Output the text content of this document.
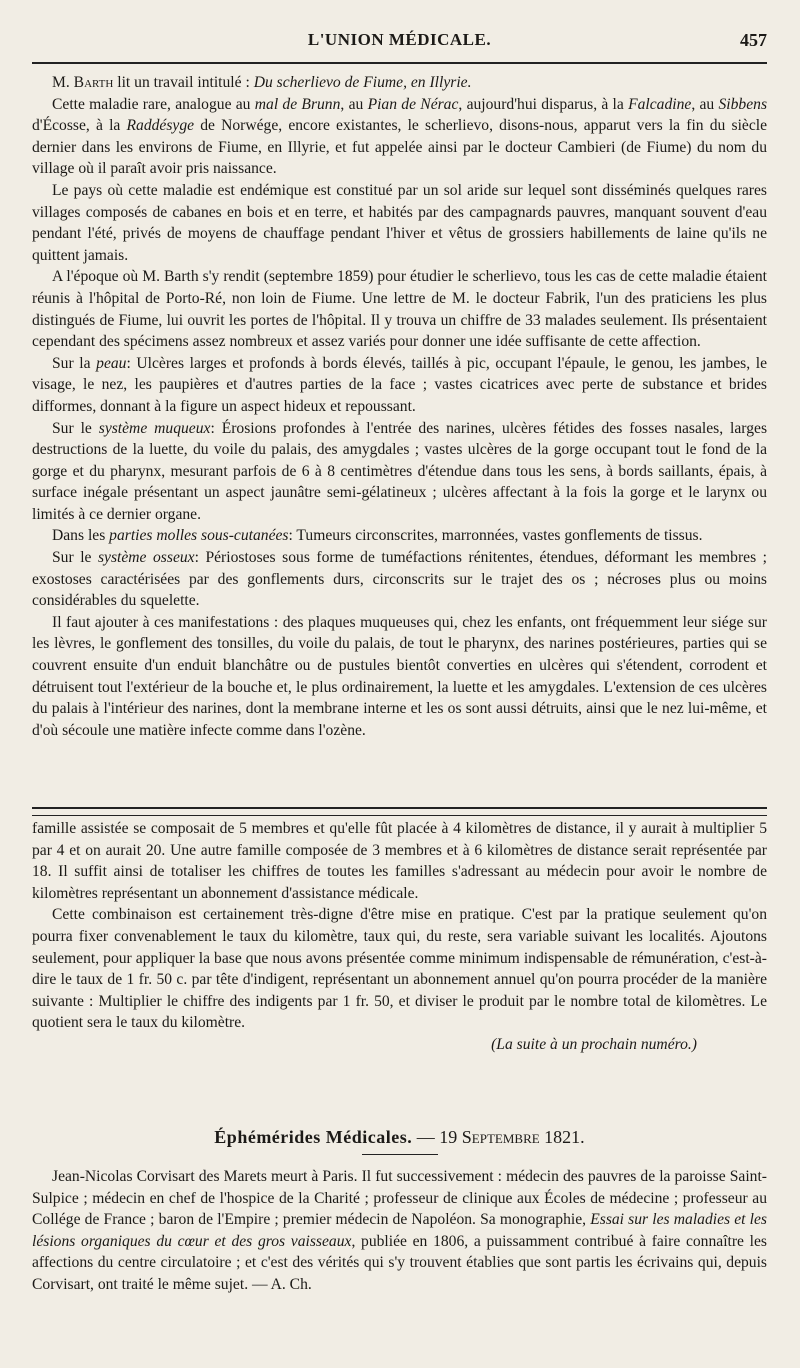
L'UNION MÉDICALE.	457

M. Barth lit un travail intitulé : Du scherlievo de Fiume, en Illyrie.

Cette maladie rare, analogue au mal de Brunn, au Pian de Nérac, aujourd'hui disparus, à la Falcadine, au Sibbens d'Écosse, à la Raddésyge de Norwége, encore existantes, le scherlievo, disons-nous, apparut vers la fin du siècle dernier dans les environs de Fiume, en Illyrie, et fut appelée ainsi par le docteur Cambieri (de Fiume) du nom du village où il paraît avoir pris naissance.

Le pays où cette maladie est endémique est constitué par un sol aride sur lequel sont disséminés quelques rares villages composés de cabanes en bois et en terre, et habités par des campagnards pauvres, manquant souvent d'eau pendant l'été, privés de moyens de chauffage pendant l'hiver et vêtus de grossiers habillements de laine qu'ils ne quittent jamais.

A l'époque où M. Barth s'y rendit (septembre 1859) pour étudier le scherlievo, tous les cas de cette maladie étaient réunis à l'hôpital de Porto-Ré, non loin de Fiume. Une lettre de M. le docteur Fabrik, l'un des praticiens les plus distingués de Fiume, lui ouvrit les portes de l'hôpital. Il y trouva un chiffre de 33 malades seulement. Ils présentaient cependant des spécimens assez nombreux et assez variés pour donner une idée suffisante de cette affection.

Sur la peau: Ulcères larges et profonds à bords élevés, taillés à pic, occupant l'épaule, le genou, les jambes, le visage, le nez, les paupières et d'autres parties de la face ; vastes cicatrices avec perte de substance et brides difformes, donnant à la figure un aspect hideux et repoussant.

Sur le système muqueux: Érosions profondes à l'entrée des narines, ulcères fétides des fosses nasales, larges destructions de la luette, du voile du palais, des amygdales ; vastes ulcères de la gorge occupant tout le fond de la gorge et du pharynx, mesurant parfois de 6 à 8 centimètres d'étendue dans tous les sens, à bords saillants, épais, à surface inégale présentant un aspect jaunâtre semi-gélatineux ; ulcères affectant à la fois la gorge et le larynx ou limités à ce dernier organe.

Dans les parties molles sous-cutanées: Tumeurs circonscrites, marronnées, vastes gonflements de tissus.

Sur le système osseux: Périostoses sous forme de tuméfactions rénitentes, étendues, déformant les membres ; exostoses caractérisées par des gonflements durs, circonscrits sur le trajet des os ; nécroses plus ou moins considérables du squelette.

Il faut ajouter à ces manifestations : des plaques muqueuses qui, chez les enfants, ont fréquemment leur siége sur les lèvres, le gonflement des tonsilles, du voile du palais, de tout le pharynx, des narines postérieures, parties qui se couvrent ensuite d'un enduit blanchâtre ou de pustules bientôt converties en ulcères qui s'étendent, corrodent et détruisent tout l'extérieur de la bouche et, le plus ordinairement, la luette et les amygdales. L'extension de ces ulcères du palais à l'intérieur des narines, dont la membrane interne et les os sont aussi détruits, ainsi que le nez lui-même, et d'où sécoule une matière infecte comme dans l'ozène.

famille assistée se composait de 5 membres et qu'elle fût placée à 4 kilomètres de distance, il y aurait à multiplier 5 par 4 et on aurait 20. Une autre famille composée de 3 membres et à 6 kilomètres de distance serait représentée par 18. Il suffit ainsi de totaliser les chiffres de toutes les familles s'adressant au médecin pour avoir le nombre de kilomètres représentant un abonnement d'assistance médicale.

Cette combinaison est certainement très-digne d'être mise en pratique. C'est par la pratique seulement qu'on pourra fixer convenablement le taux du kilomètre, taux qui, du reste, sera variable suivant les localités. Ajoutons seulement, pour appliquer la base que nous avons présentée comme minimum indispensable de rémunération, c'est-à-dire le taux de 1 fr. 50 c. par tête d'indigent, représentant un abonnement annuel qu'on pourra procéder de la manière suivante : Multiplier le chiffre des indigents par 1 fr. 50, et diviser le produit par le nombre total de kilomètres. Le quotient sera le taux du kilomètre.

(La suite à un prochain numéro.)
Éphémérides Médicales. — 19 Septembre 1821.

Jean-Nicolas Corvisart des Marets meurt à Paris. Il fut successivement : médecin des pauvres de la paroisse Saint-Sulpice ; médecin en chef de l'hospice de la Charité ; professeur de clinique aux Écoles de médecine ; professeur au Collége de France ; baron de l'Empire ; premier médecin de Napoléon. Sa monographie, Essai sur les maladies et les lésions organiques du cœur et des gros vaisseaux, publiée en 1806, a puissamment contribué à faire connaître les affections du centre circulatoire ; et c'est des vérités qui s'y trouvent établies que sont partis les écrivains qui, depuis Corvisart, ont traité le même sujet. — A. Ch.
